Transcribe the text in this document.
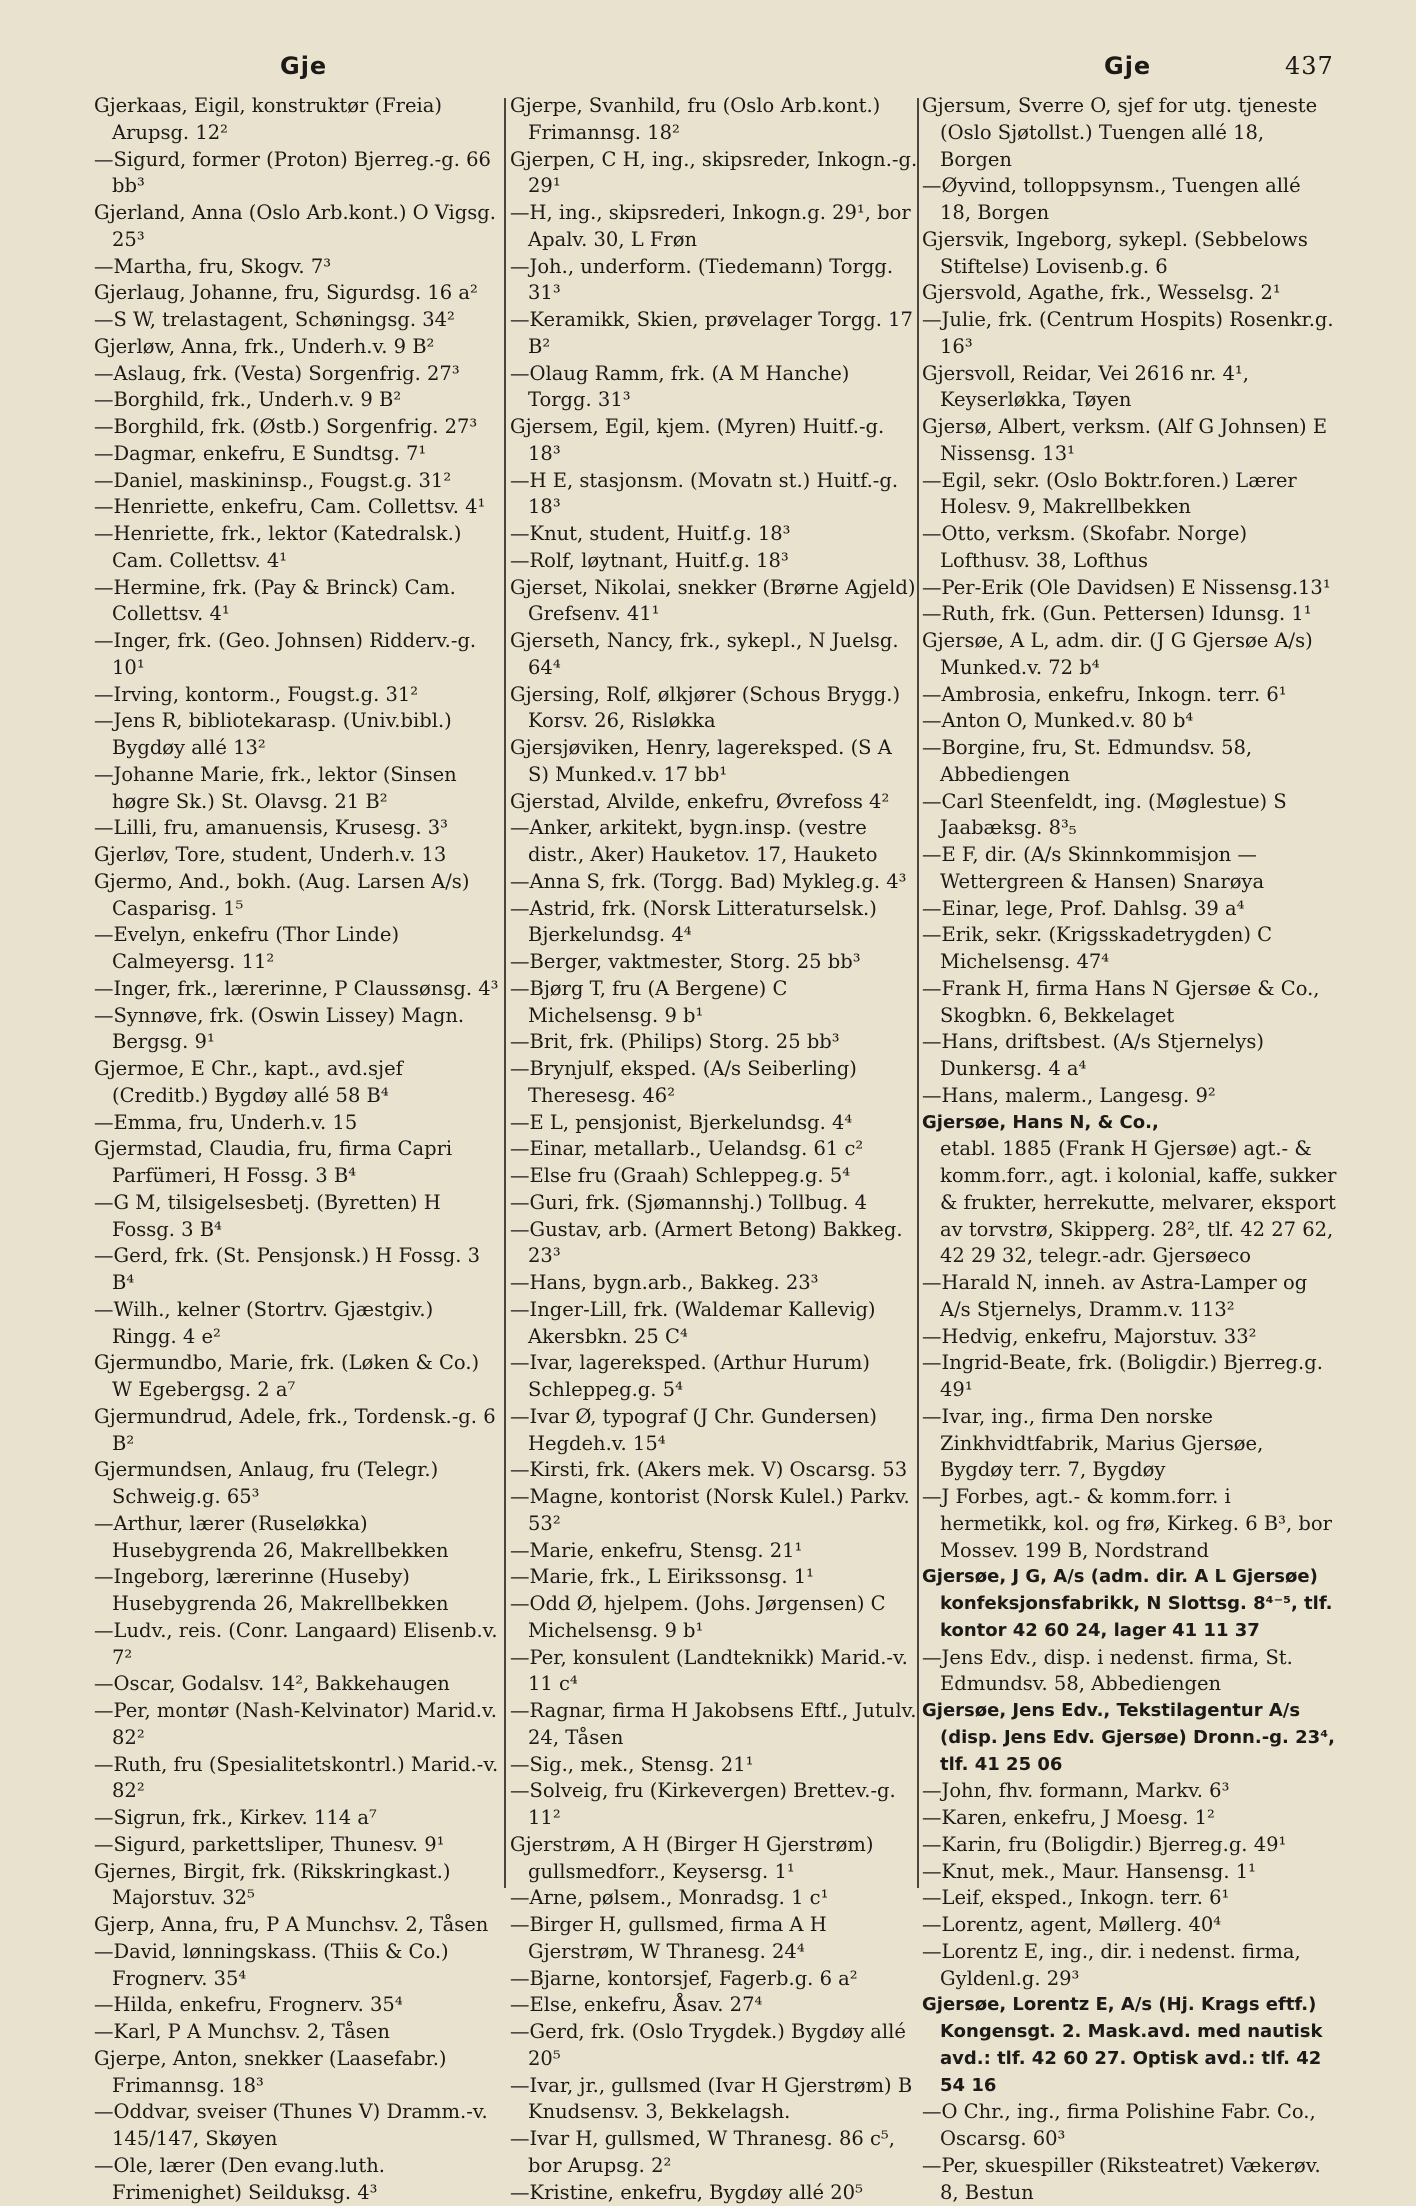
Gje	Gje	437

Gjerkaas, Eigil, konstruktør (Freia) Arupsg. 12²

—Sigurd, former (Proton) Bjerreg.-g. 66 bb³

Gjerland, Anna (Oslo Arb.kont.) O Vigsg. 25³

—Martha, fru, Skogv. 7³

Gjerlaug, Johanne, fru, Sigurdsg. 16 a²

—S W, trelastagent, Schøningsg. 34²

Gjerløw, Anna, frk., Underh.v. 9 B²

—Aslaug, frk. (Vesta) Sorgenfrig. 27³

—Borghild, frk., Underh.v. 9 B²

—Borghild, frk. (Østb.) Sorgenfrig. 27³

—Dagmar, enkefru, E Sundtsg. 7¹

—Daniel, maskininsp., Fougst.g. 31²

—Henriette, enkefru, Cam. Collettsv. 4¹

—Henriette, frk., lektor (Katedralsk.) Cam. Collettsv. 4¹

—Hermine, frk. (Pay & Brinck) Cam. Collettsv. 4¹

—Inger, frk. (Geo. Johnsen) Ridderv.-g. 10¹

—Irving, kontorm., Fougst.g. 31²

—Jens R, bibliotekarasp. (Univ.bibl.) Bygdøy allé 13²

—Johanne Marie, frk., lektor (Sinsen høgre Sk.) St. Olavsg. 21 B²

—Lilli, fru, amanuensis, Krusesg. 3³

Gjerløv, Tore, student, Underh.v. 13

Gjermo, And., bokh. (Aug. Larsen A/s) Casparisg. 1⁵

—Evelyn, enkefru (Thor Linde) Calmeyersg. 11²

—Inger, frk., lærerinne, P Claussønsg. 4³

—Synnøve, frk. (Oswin Lissey) Magn. Bergsg. 9¹

Gjermoe, E Chr., kapt., avd.sjef (Creditb.) Bygdøy allé 58 B⁴

—Emma, fru, Underh.v. 15

Gjermstad, Claudia, fru, firma Capri Parfümeri, H Fossg. 3 B⁴

—G M, tilsigelsesbetj. (Byretten) H Fossg. 3 B⁴

—Gerd, frk. (St. Pensjonsk.) H Fossg. 3 B⁴

—Wilh., kelner (Stortrv. Gjæstgiv.) Ringg. 4 e²

Gjermundbo, Marie, frk. (Løken & Co.) W Egebergsg. 2 a⁷

Gjermundrud, Adele, frk., Tordensk.-g. 6 B²

Gjermundsen, Anlaug, fru (Telegr.) Schweig.g. 65³

—Arthur, lærer (Ruseløkka) Husebygrenda 26, Makrellbekken

—Ingeborg, lærerinne (Huseby) Husebygrenda 26, Makrellbekken

—Ludv., reis. (Conr. Langaard) Elisenb.v. 7²

—Oscar, Godalsv. 14², Bakkehaugen

—Per, montør (Nash-Kelvinator) Marid.v. 82²

—Ruth, fru (Spesialitetskontrl.) Marid.-v. 82²

—Sigrun, frk., Kirkev. 114 a⁷

—Sigurd, parkettsliper, Thunesv. 9¹

Gjernes, Birgit, frk. (Rikskringkast.) Majorstuv. 32⁵

Gjerp, Anna, fru, P A Munchsv. 2, Tåsen

—David, lønningskass. (Thiis & Co.) Frognerv. 35⁴

—Hilda, enkefru, Frognerv. 35⁴

—Karl, P A Munchsv. 2, Tåsen

Gjerpe, Anton, snekker (Laasefabr.) Frimannsg. 18³

—Oddvar, sveiser (Thunes V) Dramm.-v. 145/147, Skøyen

—Ole, lærer (Den evang.luth. Frimenighet) Seilduksg. 4³

Gjerpe, Svanhild, fru (Oslo Arb.kont.) Frimannsg. 18²

Gjerpen, C H, ing., skipsreder, Inkogn.-g. 29¹

—H, ing., skipsrederi, Inkogn.g. 29¹, bor Apalv. 30, L Frøn

—Joh., underform. (Tiedemann) Torgg. 31³

—Keramikk, Skien, prøvelager Torgg. 17 B²

—Olaug Ramm, frk. (A M Hanche) Torgg. 31³

Gjersem, Egil, kjem. (Myren) Huitf.-g. 18³

—H E, stasjonsm. (Movatn st.) Huitf.-g. 18³

—Knut, student, Huitf.g. 18³

—Rolf, løytnant, Huitf.g. 18³

Gjerset, Nikolai, snekker (Brørne Agjeld) Grefsenv. 41¹

Gjerseth, Nancy, frk., sykepl., N Juelsg. 64⁴

Gjersing, Rolf, ølkjører (Schous Brygg.) Korsv. 26, Risløkka

Gjersjøviken, Henry, lagereksped. (S A S) Munked.v. 17 bb¹

Gjerstad, Alvilde, enkefru, Øvrefoss 4²

—Anker, arkitekt, bygn.insp. (vestre distr., Aker) Hauketov. 17, Hauketo

—Anna S, frk. (Torgg. Bad) Mykleg.g. 4³

—Astrid, frk. (Norsk Litteraturselsk.) Bjerkelundsg. 4⁴

—Berger, vaktmester, Storg. 25 bb³

—Bjørg T, fru (A Bergene) C Michelsensg. 9 b¹

—Brit, frk. (Philips) Storg. 25 bb³

—Brynjulf, eksped. (A/s Seiberling) Theresesg. 46²

—E L, pensjonist, Bjerkelundsg. 4⁴

—Einar, metallarb., Uelandsg. 61 c²

—Else fru (Graah) Schleppeg.g. 5⁴

—Guri, frk. (Sjømannshj.) Tollbug. 4

—Gustav, arb. (Armert Betong) Bakkeg. 23³

—Hans, bygn.arb., Bakkeg. 23³

—Inger-Lill, frk. (Waldemar Kallevig) Akersbkn. 25 C⁴

—Ivar, lagereksped. (Arthur Hurum) Schleppeg.g. 5⁴

—Ivar Ø, typograf (J Chr. Gundersen) Hegdeh.v. 15⁴

—Kirsti, frk. (Akers mek. V) Oscarsg. 53

—Magne, kontorist (Norsk Kulel.) Parkv. 53²

—Marie, enkefru, Stensg. 21¹

—Marie, frk., L Eirikssonsg. 1¹

—Odd Ø, hjelpem. (Johs. Jørgensen) C Michelsensg. 9 b¹

—Per, konsulent (Landteknikk) Marid.-v. 11 c⁴

—Ragnar, firma H Jakobsens Eftf., Jutulv. 24, Tåsen

—Sig., mek., Stensg. 21¹

—Solveig, fru (Kirkevergen) Brettev.-g. 11²

Gjerstrøm, A H (Birger H Gjerstrøm) gullsmedforr., Keysersg. 1¹

—Arne, pølsem., Monradsg. 1 c¹

—Birger H, gullsmed, firma A H Gjerstrøm, W Thranesg. 24⁴

—Bjarne, kontorsjef, Fagerb.g. 6 a²

—Else, enkefru, Åsav. 27⁴

—Gerd, frk. (Oslo Trygdek.) Bygdøy allé 20⁵

—Ivar, jr., gullsmed (Ivar H Gjerstrøm) B Knudsensv. 3, Bekkelagsh.

—Ivar H, gullsmed, W Thranesg. 86 c⁵, bor Arupsg. 2²

—Kristine, enkefru, Bygdøy allé 20⁵

Gjersum, Sverre O, sjef for utg. tjeneste (Oslo Sjøtollst.) Tuengen allé 18, Borgen

—Øyvind, tolloppsynsm., Tuengen allé 18, Borgen

Gjersvik, Ingeborg, sykepl. (Sebbelows Stiftelse) Lovisenb.g. 6

Gjersvold, Agathe, frk., Wesselsg. 2¹

—Julie, frk. (Centrum Hospits) Rosenkr.g. 16³

Gjersvoll, Reidar, Vei 2616 nr. 4¹, Keyserløkka, Tøyen

Gjersø, Albert, verksm. (Alf G Johnsen) E Nissensg. 13¹

—Egil, sekr. (Oslo Boktr.foren.) Lærer Holesv. 9, Makrellbekken

—Otto, verksm. (Skofabr. Norge) Lofthusv. 38, Lofthus

—Per-Erik (Ole Davidsen) E Nissensg.13¹

—Ruth, frk. (Gun. Pettersen) Idunsg. 1¹

Gjersøe, A L, adm. dir. (J G Gjersøe A/s) Munked.v. 72 b⁴

—Ambrosia, enkefru, Inkogn. terr. 6¹

—Anton O, Munked.v. 80 b⁴

—Borgine, fru, St. Edmundsv. 58, Abbediengen

—Carl Steenfeldt, ing. (Møglestue) S Jaabæksg. 8³₅

—E F, dir. (A/s Skinnkommisjon — Wettergreen & Hansen) Snarøya

—Einar, lege, Prof. Dahlsg. 39 a⁴

—Erik, sekr. (Krigsskadetrygden) C Michelsensg. 47⁴

—Frank H, firma Hans N Gjersøe & Co., Skogbkn. 6, Bekkelaget

—Hans, driftsbest. (A/s Stjernelys) Dunkersg. 4 a⁴

—Hans, malerm., Langesg. 9²

Gjersøe, Hans N, & Co.,

etabl. 1885 (Frank H Gjersøe) agt.- & komm.forr., agt. i kolonial, kaffe, sukker & frukter, herrekutte, melvarer, eksport av torvstrø, Skipperg. 28², tlf. 42 27 62, 42 29 32, telegr.-adr. Gjersøeco

—Harald N, inneh. av Astra-Lamper og A/s Stjernelys, Dramm.v. 113²

—Hedvig, enkefru, Majorstuv. 33²

—Ingrid-Beate, frk. (Boligdir.) Bjerreg.g. 49¹

—Ivar, ing., firma Den norske Zinkhvidtfabrik, Marius Gjersøe, Bygdøy terr. 7, Bygdøy

—J Forbes, agt.- & komm.forr. i hermetikk, kol. og frø, Kirkeg. 6 B³, bor Mossev. 199 B, Nordstrand

Gjersøe, J G, A/s (adm. dir. A L Gjersøe) konfeksjonsfabrikk, N Slottsg. 8⁴⁻⁵, tlf. kontor 42 60 24, lager 41 11 37

—Jens Edv., disp. i nedenst. firma, St. Edmundsv. 58, Abbediengen

Gjersøe, Jens Edv., Tekstilagentur A/s (disp. Jens Edv. Gjersøe) Dronn.-g. 23⁴, tlf. 41 25 06

—John, fhv. formann, Markv. 6³

—Karen, enkefru, J Moesg. 1²

—Karin, fru (Boligdir.) Bjerreg.g. 49¹

—Knut, mek., Maur. Hansensg. 1¹

—Leif, eksped., Inkogn. terr. 6¹

—Lorentz, agent, Møllerg. 40⁴

—Lorentz E, ing., dir. i nedenst. firma, Gyldenl.g. 29³

Gjersøe, Lorentz E, A/s (Hj. Krags eftf.) Kongensgt. 2. Mask.avd. med nautisk avd.: tlf. 42 60 27. Optisk avd.: tlf. 42 54 16

—O Chr., ing., firma Polishine Fabr. Co., Oscarsg. 60³

—Per, skuespiller (Riksteatret) Vækerøv. 8, Bestun
